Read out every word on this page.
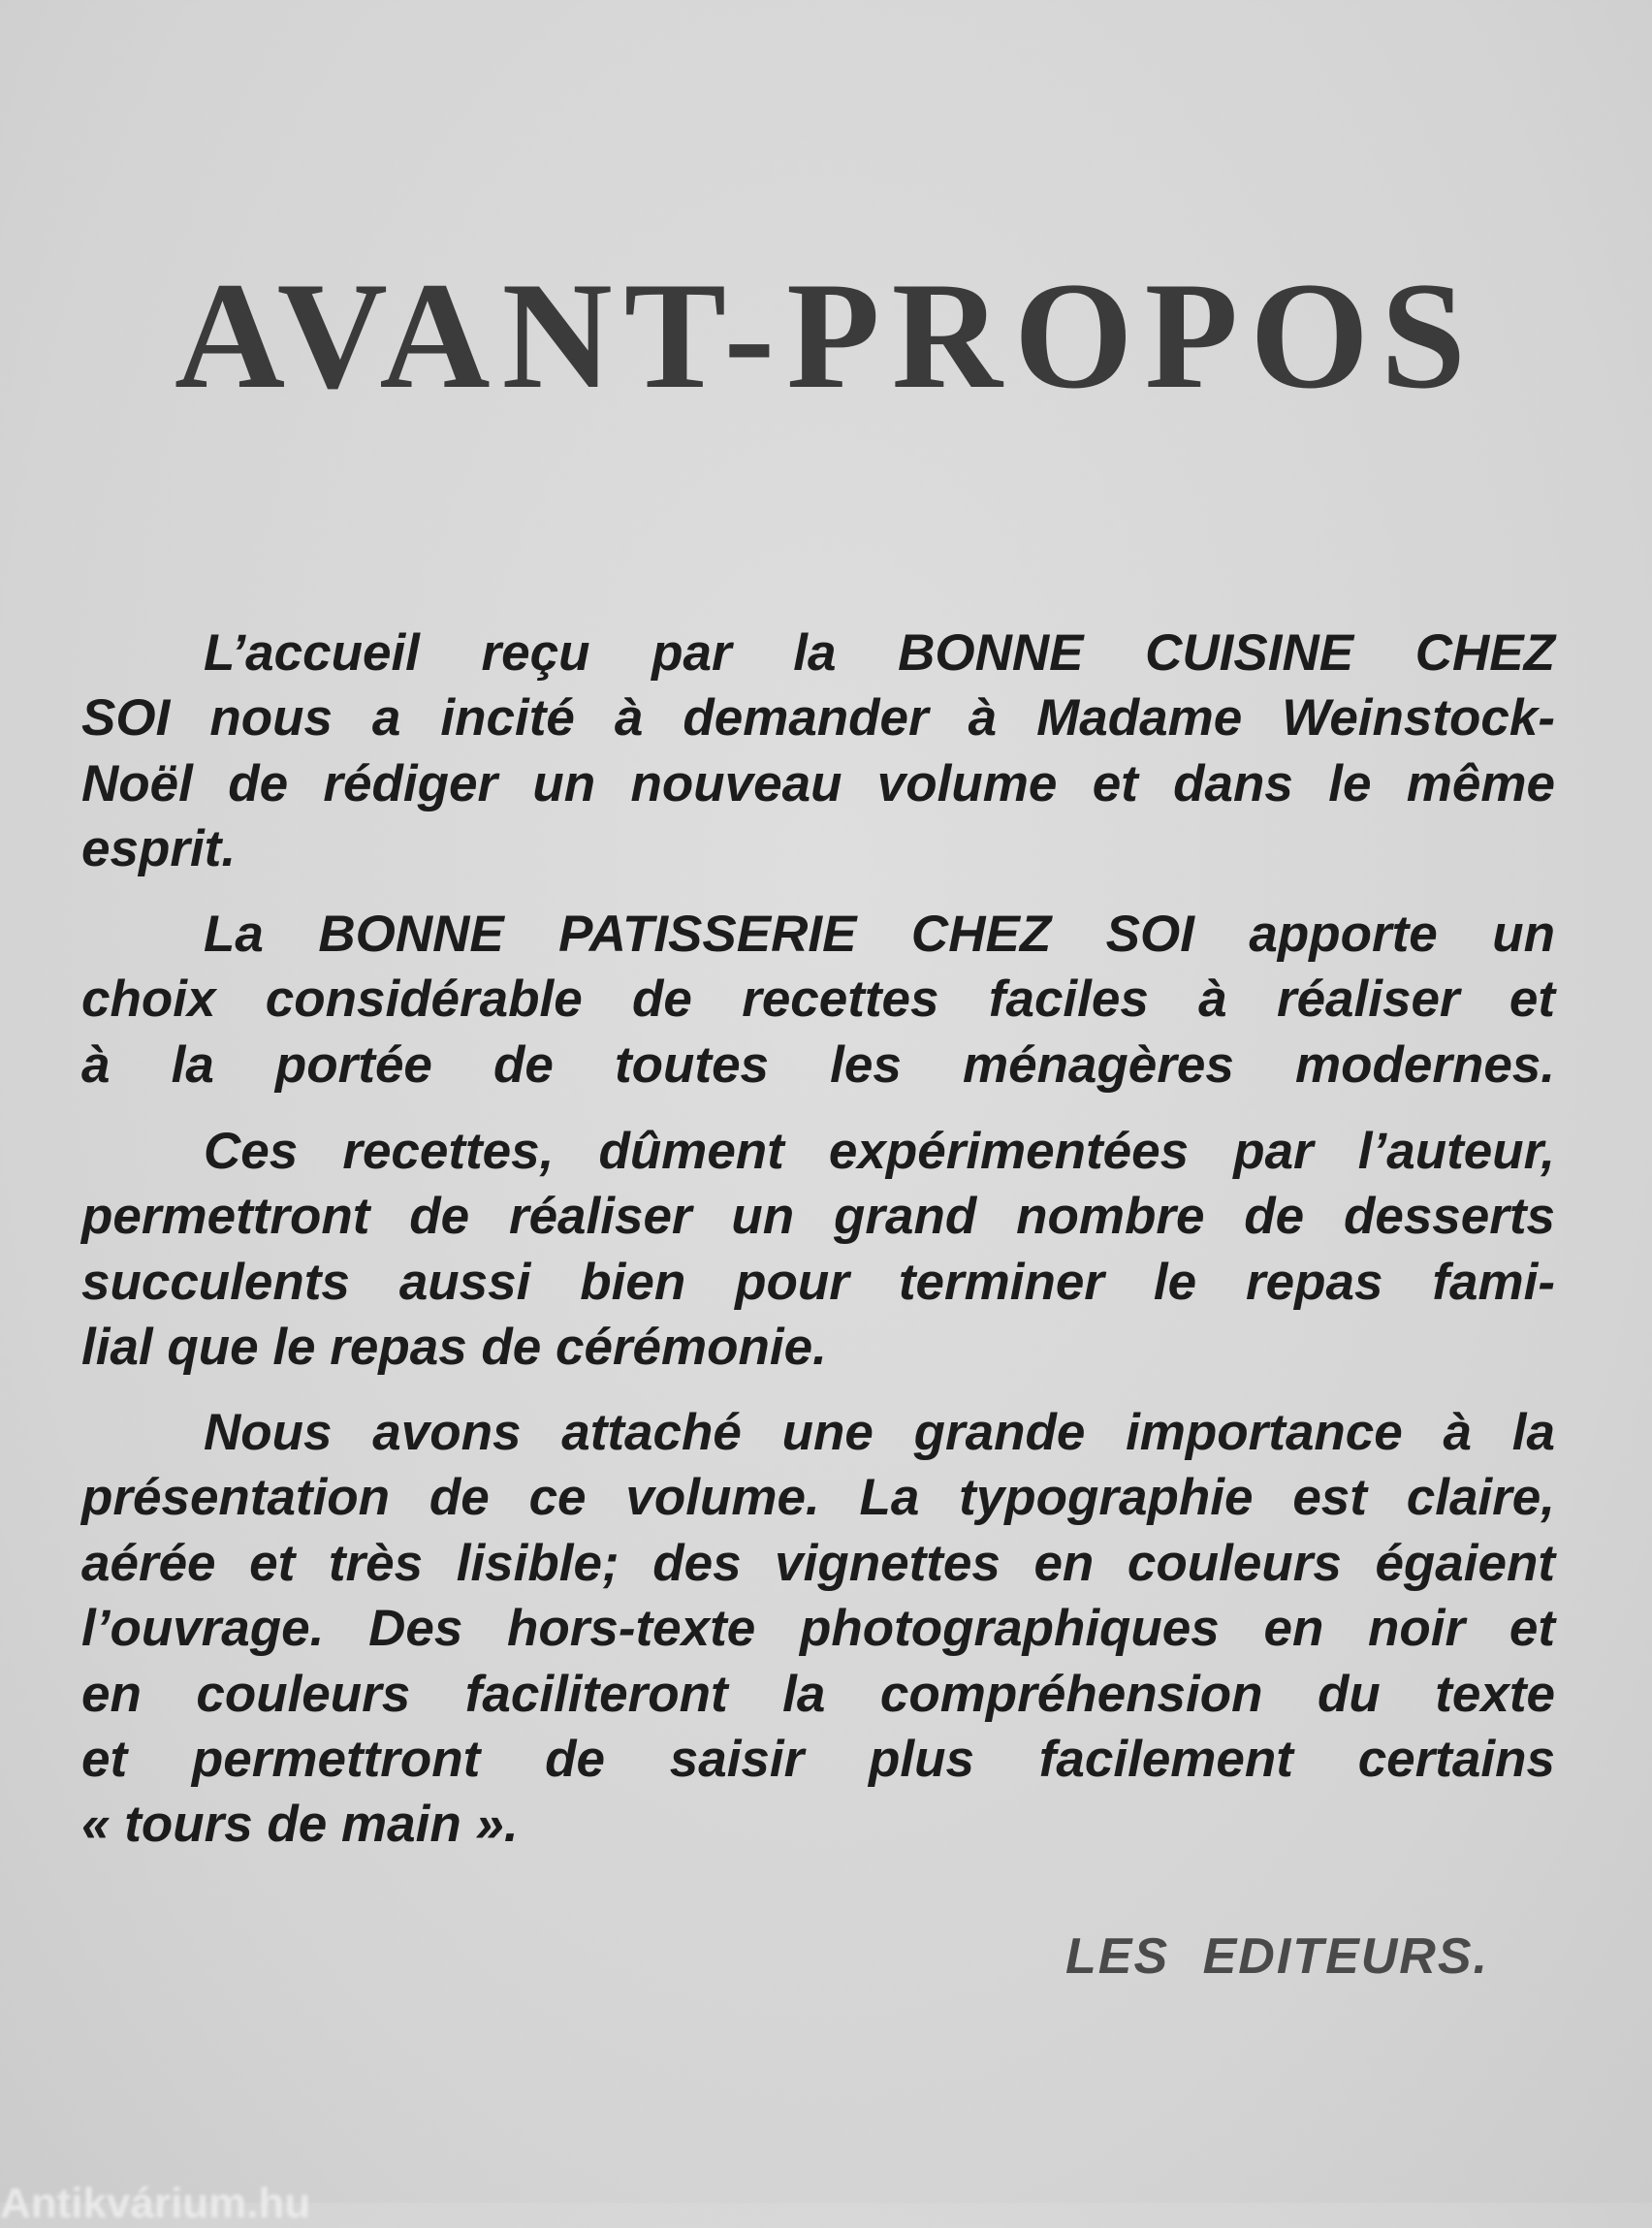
AVANT-PROPOS
L’accueil reçu par la BONNE CUISINE CHEZ
SOI nous a incité à demander à Madame Weinstock-
Noël de rédiger un nouveau volume et dans le même
esprit.
La BONNE PATISSERIE CHEZ SOI apporte un
choix considérable de recettes faciles à réaliser et
à la portée de toutes les ménagères modernes.
Ces recettes, dûment expérimentées par l’auteur,
permettront de réaliser un grand nombre de desserts
succulents aussi bien pour terminer le repas fami-
lial que le repas de cérémonie.
Nous avons attaché une grande importance à la
présentation de ce volume. La typographie est claire,
aérée et très lisible; des vignettes en couleurs égaient
l’ouvrage. Des hors-texte photographiques en noir et
en couleurs faciliteront la compréhension du texte
et permettront de saisir plus facilement certains
« tours de main ».
LES EDITEURS.
Antikvárium.hu
